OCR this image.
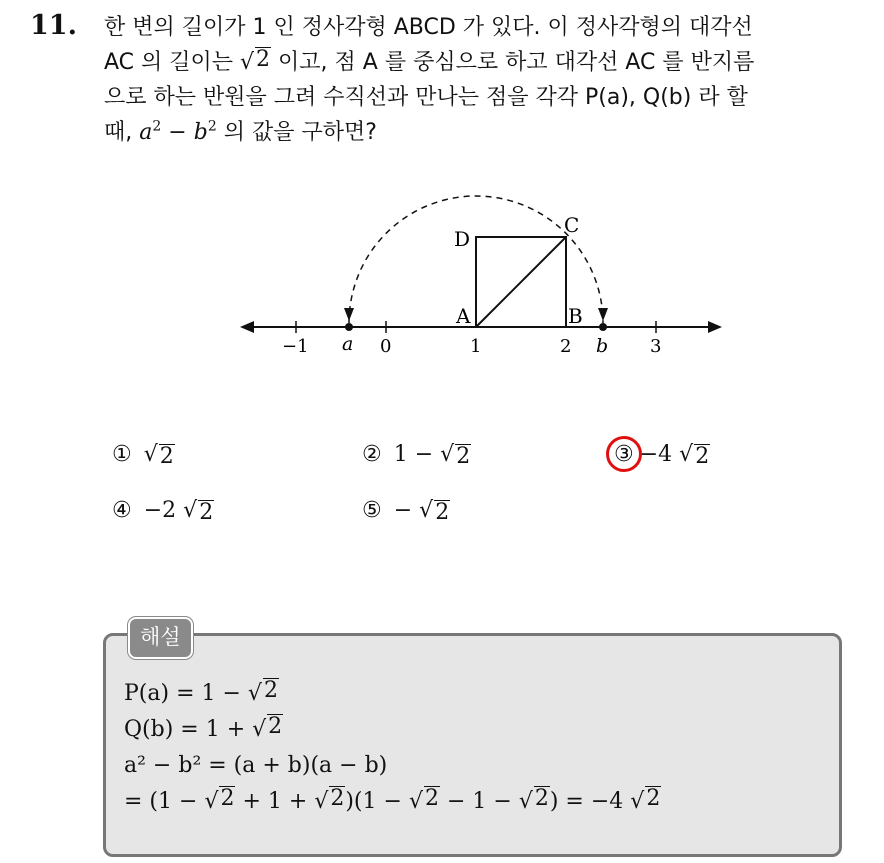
11. 한 변의 길이가 1 인 정사각형 ABCD 가 있다. 이 정사각형의 대각선
AC 의 길이는 √ 2 이고, 점 A 를 중심으로 하고 대각선 AC 를 반지름
으로 하는 반원을 그려 수직선과 만나는 점을 각각 P(a), Q(b) 라 할
때, $a^2 - b^2$ 의 값을 구하면?
D
C
A	B
−1 a 0	1	2 b 3
① √ 2	② 1 − √ 2	③ −4 √ 2
④ −2 √ 2	⑤ − √ 2
해설
P(a) = 1 − √ 2
Q(b) = 1 + √ 2
a² − b² = (a + b)(a − b)
= (1 − √ 2 + 1 + √ 2 )(1 − √ 2 − 1 − √ 2 ) = −4 √ 2
